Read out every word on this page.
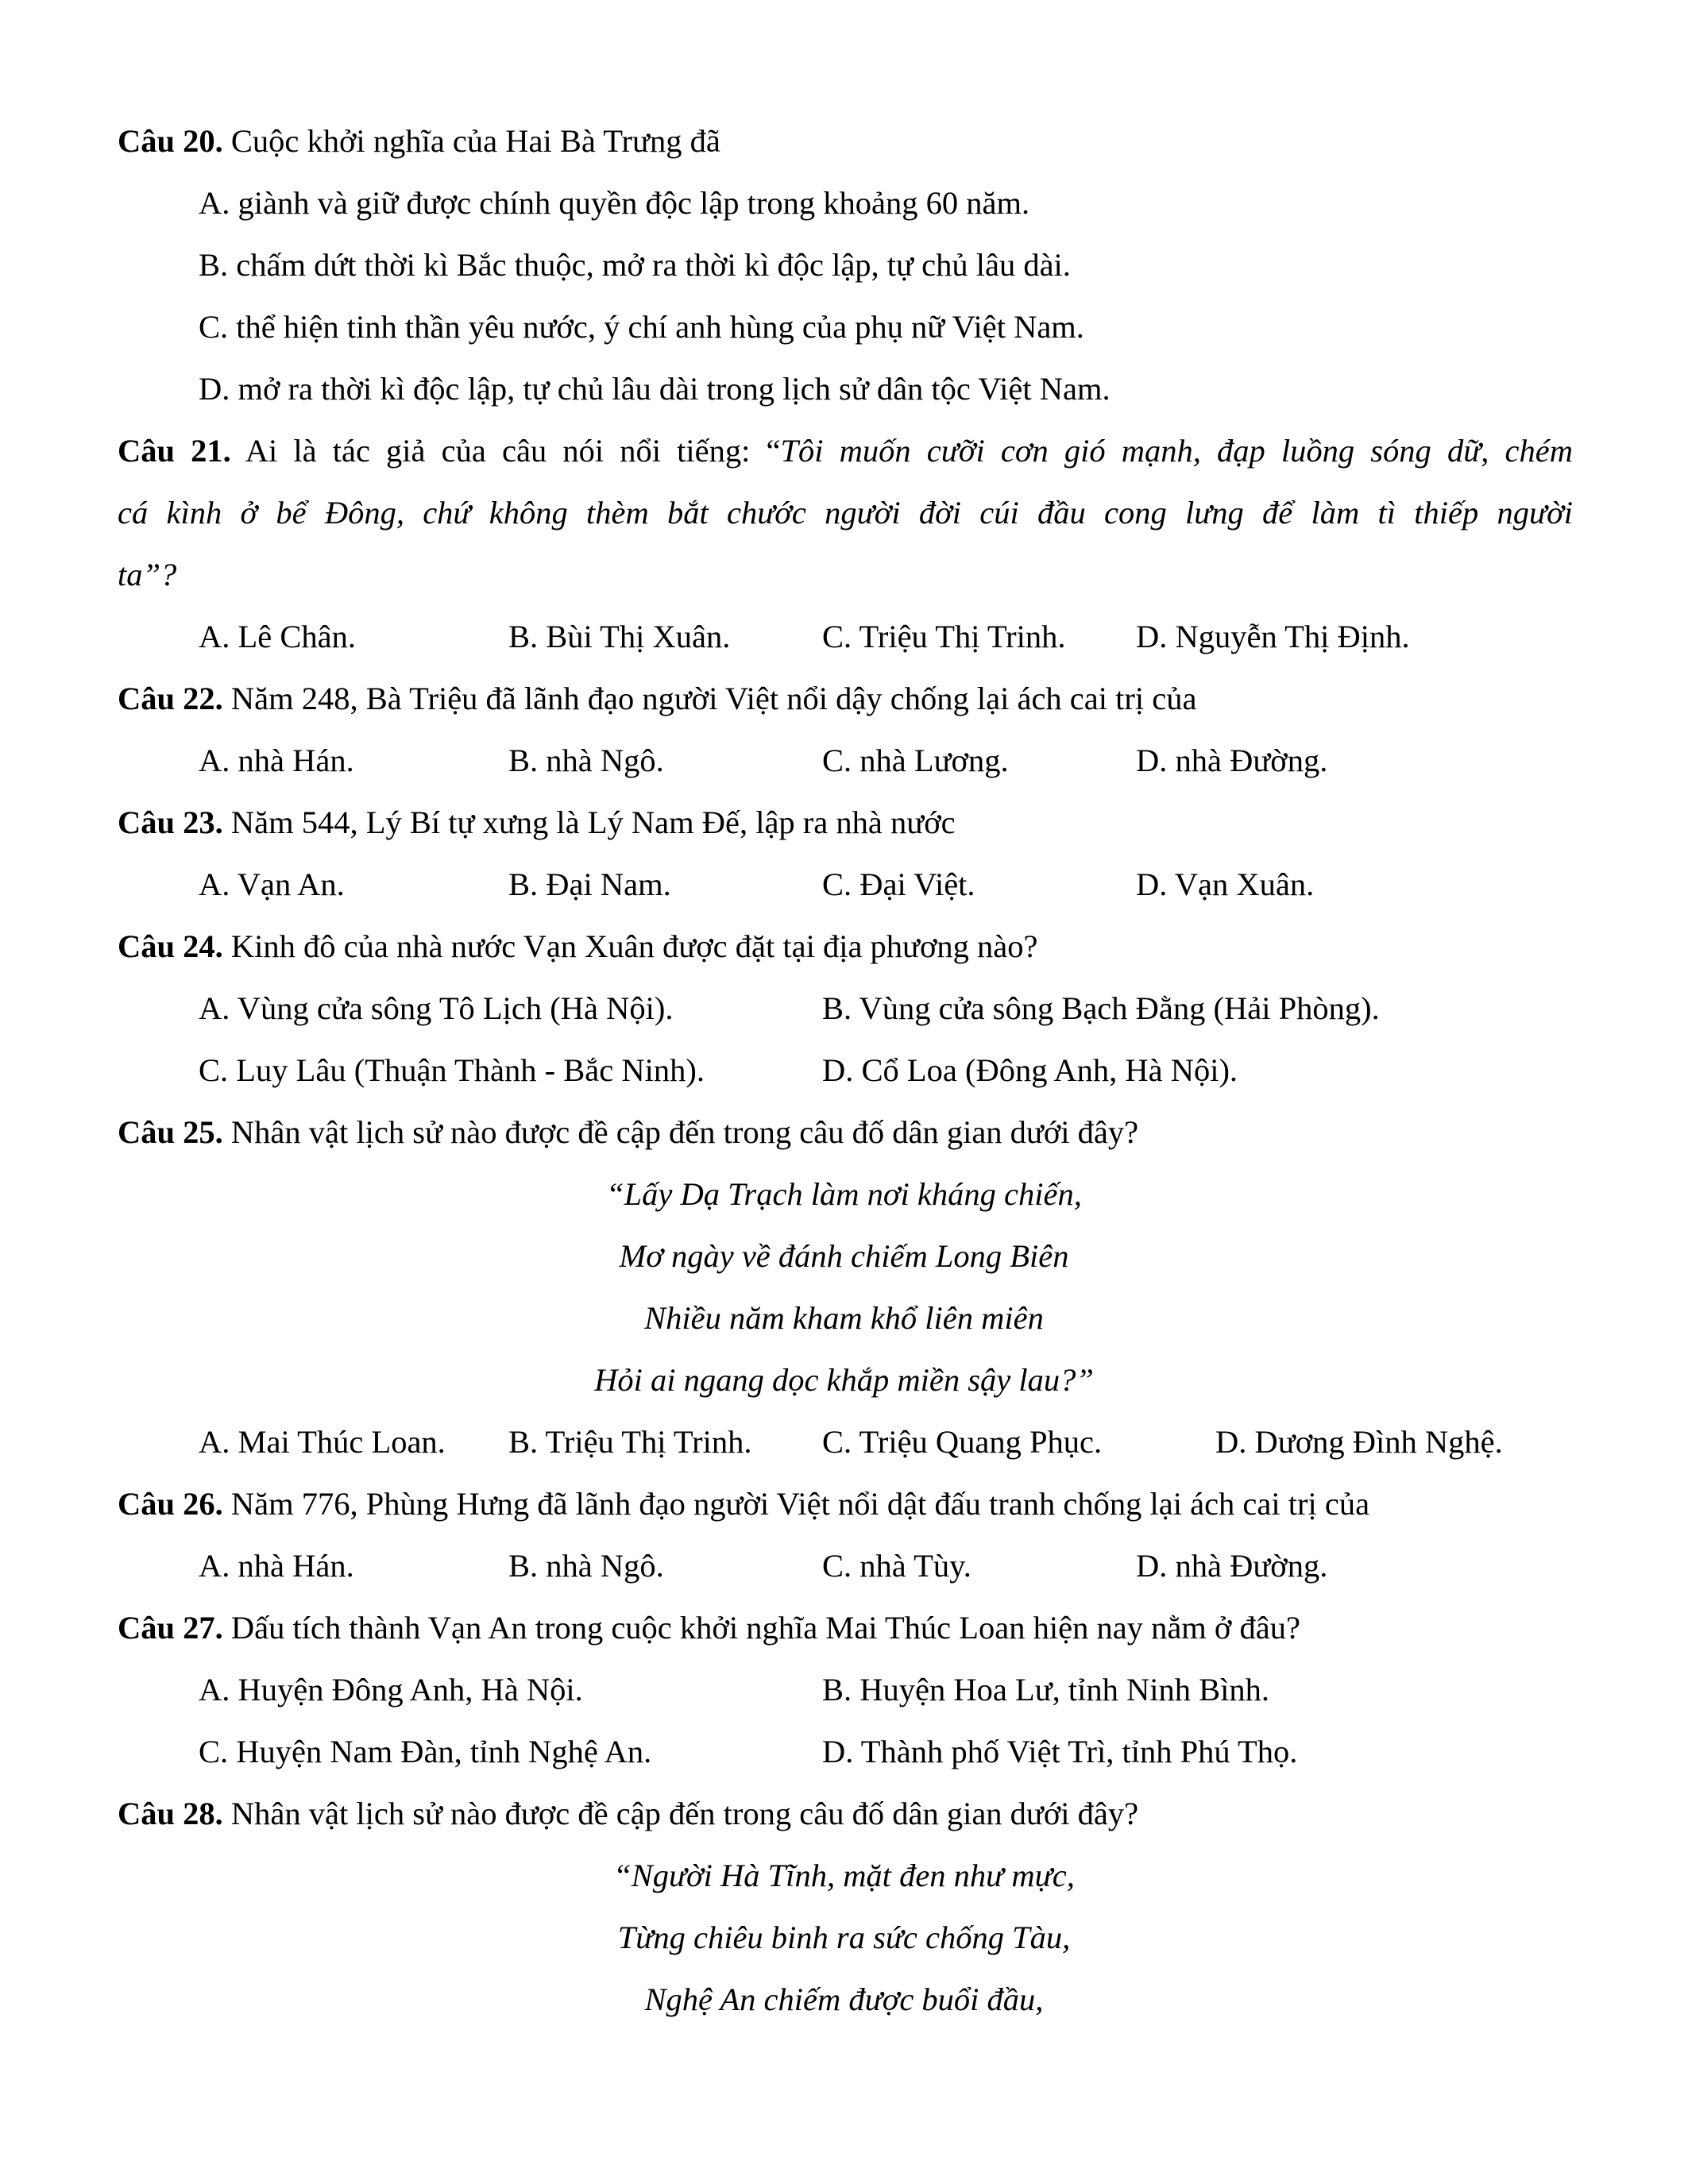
Câu 20. Cuộc khởi nghĩa của Hai Bà Trưng đã
A. giành và giữ được chính quyền độc lập trong khoảng 60 năm.
B. chấm dứt thời kì Bắc thuộc, mở ra thời kì độc lập, tự chủ lâu dài.
C. thể hiện tinh thần yêu nước, ý chí anh hùng của phụ nữ Việt Nam.
D. mở ra thời kì độc lập, tự chủ lâu dài trong lịch sử dân tộc Việt Nam.
Câu 21. Ai là tác giả của câu nói nổi tiếng: “Tôi muốn cưỡi cơn gió mạnh, đạp luồng sóng dữ, chém
cá kình ở bể Đông, chứ không thèm bắt chước người đời cúi đầu cong lưng để làm tì thiếp người
ta”?
A. Lê Chân.	B. Bùi Thị Xuân.	C. Triệu Thị Trinh. D. Nguyễn Thị Định.
Câu 22. Năm 248, Bà Triệu đã lãnh đạo người Việt nổi dậy chống lại ách cai trị của
A. nhà Hán.	B. nhà Ngô.	C. nhà Lương.	D. nhà Đường.
Câu 23. Năm 544, Lý Bí tự xưng là Lý Nam Đế, lập ra nhà nước
A. Vạn An.	B. Đại Nam.	C. Đại Việt.	D. Vạn Xuân.
Câu 24. Kinh đô của nhà nước Vạn Xuân được đặt tại địa phương nào?
A. Vùng cửa sông Tô Lịch (Hà Nội).	B. Vùng cửa sông Bạch Đằng (Hải Phòng).
C. Luy Lâu (Thuận Thành - Bắc Ninh).	D. Cổ Loa (Đông Anh, Hà Nội).
Câu 25. Nhân vật lịch sử nào được đề cập đến trong câu đố dân gian dưới đây?
“Lấy Dạ Trạch làm nơi kháng chiến,
Mơ ngày về đánh chiếm Long Biên
Nhiều năm kham khổ liên miên
Hỏi ai ngang dọc khắp miền sậy lau?”
A. Mai Thúc Loan. B. Triệu Thị Trinh. C. Triệu Quang Phục.	D. Dương Đình Nghệ.
Câu 26. Năm 776, Phùng Hưng đã lãnh đạo người Việt nổi dật đấu tranh chống lại ách cai trị của
A. nhà Hán.	B. nhà Ngô.	C. nhà Tùy.	D. nhà Đường.
Câu 27. Dấu tích thành Vạn An trong cuộc khởi nghĩa Mai Thúc Loan hiện nay nằm ở đâu?
A. Huyện Đông Anh, Hà Nội.	B. Huyện Hoa Lư, tỉnh Ninh Bình.
C. Huyện Nam Đàn, tỉnh Nghệ An.	D. Thành phố Việt Trì, tỉnh Phú Thọ.
Câu 28. Nhân vật lịch sử nào được đề cập đến trong câu đố dân gian dưới đây?
“Người Hà Tĩnh, mặt đen như mực,
Từng chiêu binh ra sức chống Tàu,
Nghệ An chiếm được buổi đầu,
